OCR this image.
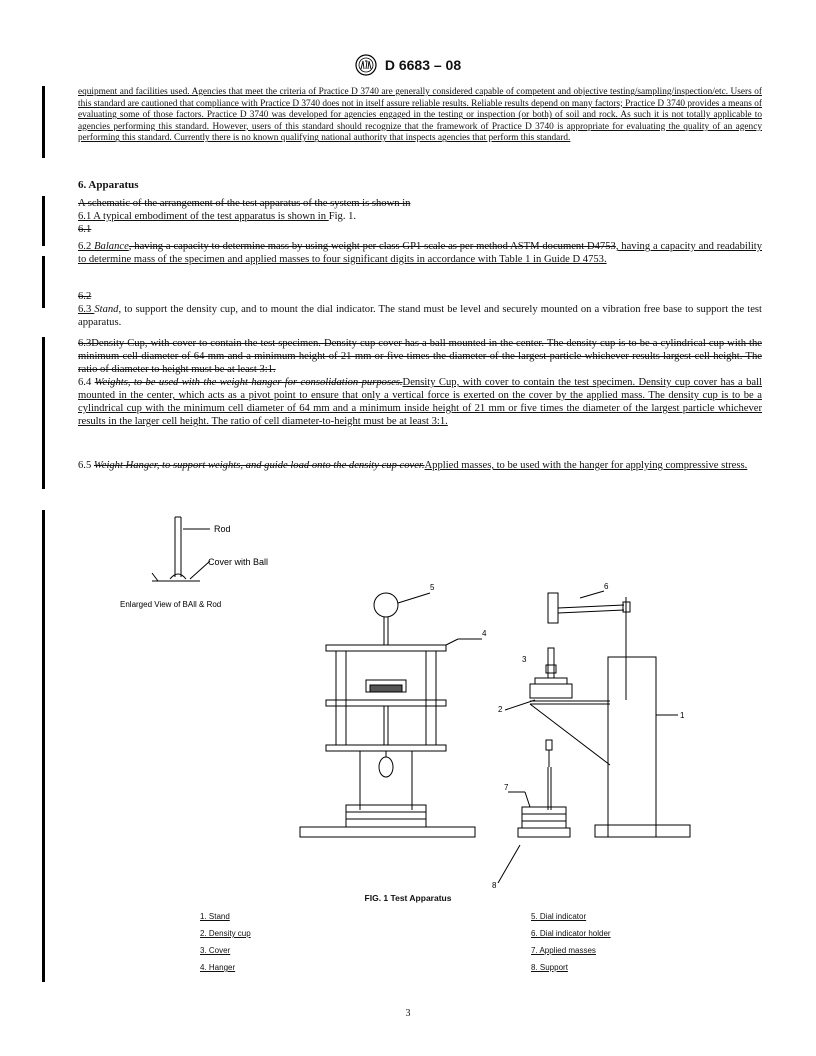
D 6683 – 08
equipment and facilities used. Agencies that meet the criteria of Practice D 3740 are generally considered capable of competent and objective testing/sampling/inspection/etc. Users of this standard are cautioned that compliance with Practice D 3740 does not in itself assure reliable results. Reliable results depend on many factors; Practice D 3740 provides a means of evaluating some of those factors. Practice D 3740 was developed for agencies engaged in the testing or inspection (or both) of soil and rock. As such it is not totally applicable to agencies performing this standard. However, users of this standard should recognize that the framework of Practice D 3740 is appropriate for evaluating the quality of an agency performing this standard. Currently there is no known qualifying national authority that inspects agencies that perform this standard.
6. Apparatus
A schematic of the arrangement of the test apparatus of the system is shown in
6.1 A typical embodiment of the test apparatus is shown in Fig. 1.
6.1
6.2 Balance, having a capacity to determine mass by using weight per class GP1 scale as per method ASTM document D4753, having a capacity and readability to determine mass of the specimen and applied masses to four significant digits in accordance with Table 1 in Guide D 4753.
6.2
6.3 Stand, to support the density cup, and to mount the dial indicator. The stand must be level and securely mounted on a vibration free base to support the test apparatus.
6.3Density Cup, with cover to contain the test specimen. Density cup cover has a ball mounted in the center. The density cup is to be a cylindrical cup with the minimum cell diameter of 64 mm and a minimum height of 21 mm or five times the diameter of the largest particle whichever results largest cell height. The ratio of diameter to height must be at least 3:1.
6.4 Weights, to be used with the weight hanger for consolidation purposes.Density Cup, with cover to contain the test specimen. Density cup cover has a ball mounted in the center, which acts as a pivot point to ensure that only a vertical force is exerted on the cover by the applied mass. The density cup is to be a cylindrical cup with the minimum cell diameter of 64 mm and a minimum inside height of 21 mm or five times the diameter of the largest particle whichever results in the larger cell height. The ratio of cell diameter-to-height must be at least 3:1.
6.5 Weight Hanger, to support weights, and guide load onto the density cup cover.Applied masses, to be used with the hanger for applying compressive stress.
Rod
Cover with Ball
Enlarged View of BAll & Rod
5
4
6
3
2
1
7
8
FIG. 1 Test Apparatus
1. Stand
2. Density cup
3. Cover
4. Hanger
5. Dial indicator
6. Dial indicator holder
7. Applied masses
8. Support
3
